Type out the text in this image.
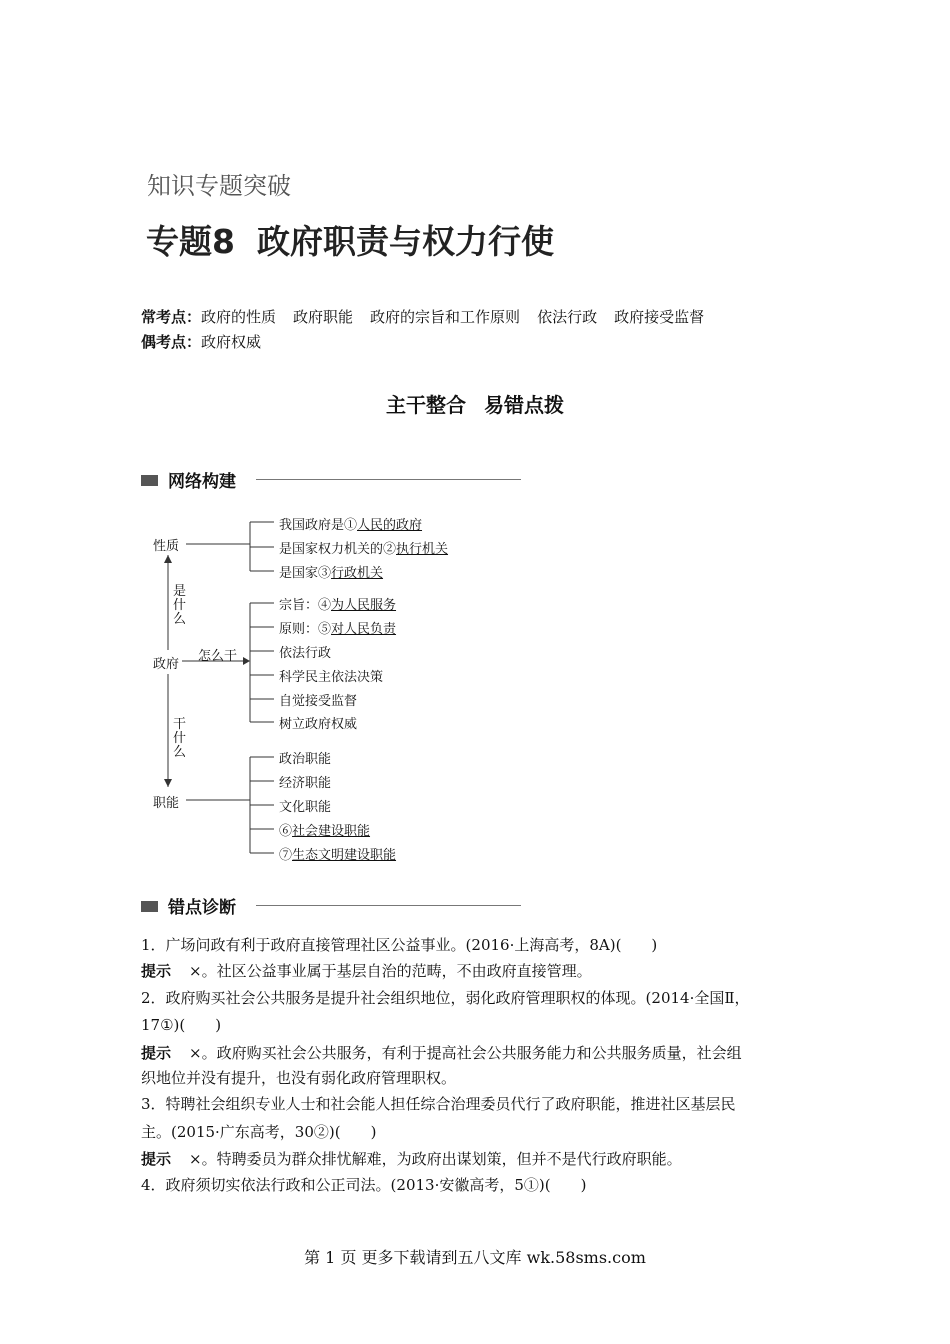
知识专题突破
专题8 政府职责与权力行使
常考点：政府的性质 政府职能 政府的宗旨和工作原则 依法行政 政府接受监督
偶考点：政府权威
主干整合 易错点拨
网络构建
性质
政府
职能
是什么
怎么干
干什么
我国政府是①人民的政府
是国家权力机关的②执行机关
是国家③行政机关
宗旨：④为人民服务
原则：⑤对人民负责
依法行政
科学民主依法决策
自觉接受监督
树立政府权威
政治职能
经济职能
文化职能
⑥社会建设职能
⑦生态文明建设职能
错点诊断
1．广场问政有利于政府直接管理社区公益事业。(2016·上海高考，8A)(　　)
提示 ×。社区公益事业属于基层自治的范畴，不由政府直接管理。
2．政府购买社会公共服务是提升社会组织地位，弱化政府管理职权的体现。(2014·全国Ⅱ，
17①)(　　)
提示 ×。政府购买社会公共服务，有利于提高社会公共服务能力和公共服务质量，社会组
织地位并没有提升，也没有弱化政府管理职权。
3．特聘社会组织专业人士和社会能人担任综合治理委员代行了政府职能，推进社区基层民
主。(2015·广东高考，30②)(　　)
提示 ×。特聘委员为群众排忧解难，为政府出谋划策，但并不是代行政府职能。
4．政府须切实依法行政和公正司法。(2013·安徽高考，5①)(　　)
第 1 页 更多下载请到五八文库 wk.58sms.com
